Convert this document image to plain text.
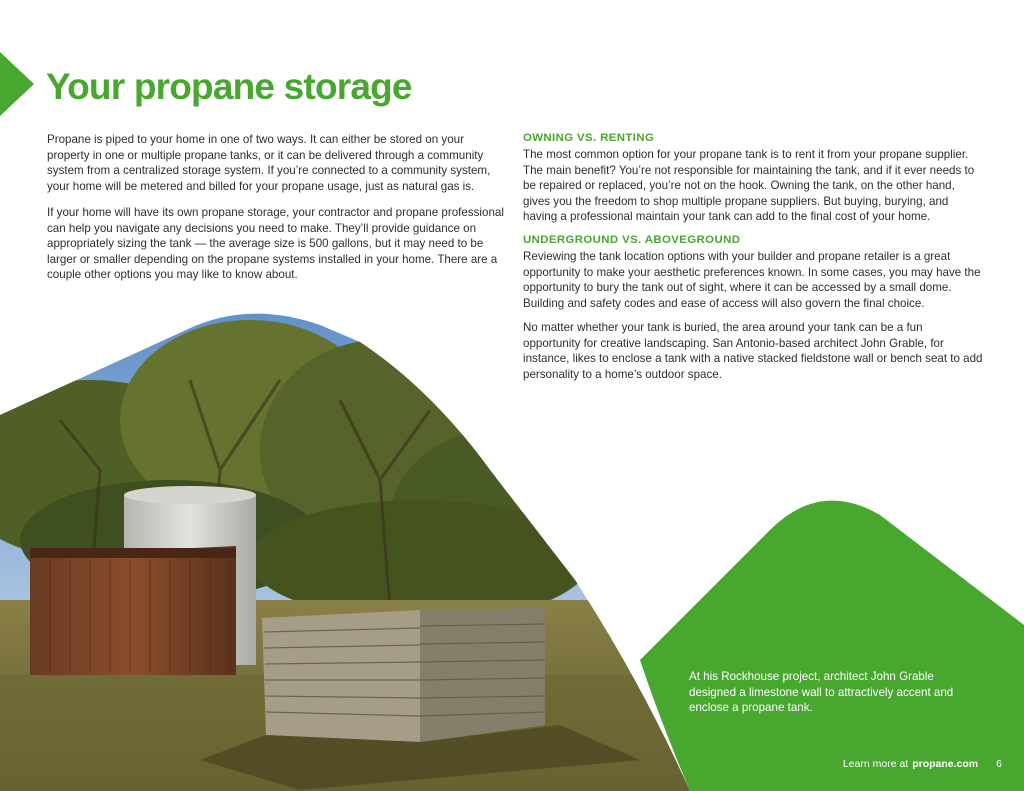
Your propane storage

Propane is piped to your home in one of two ways. It can either be stored on your property in one or multiple propane tanks, or it can be delivered through a community system from a centralized storage system. If you’re connected to a community system, your home will be metered and billed for your propane usage, just as natural gas is.

If your home will have its own propane storage, your contractor and propane professional can help you navigate any decisions you need to make. They’ll provide guidance on appropriately sizing the tank — the average size is 500 gallons, but it may need to be larger or smaller depending on the propane systems installed in your home. There are a couple other options you may like to know about.

OWNING VS. RENTING

The most common option for your propane tank is to rent it from your propane supplier. The main benefit? You’re not responsible for maintaining the tank, and if it ever needs to be repaired or replaced, you’re not on the hook. Owning the tank, on the other hand, gives you the freedom to shop multiple propane suppliers. But buying, burying, and having a professional maintain your tank can add to the final cost of your home.

UNDERGROUND VS. ABOVEGROUND

Reviewing the tank location options with your builder and propane retailer is a great opportunity to make your aesthetic preferences known. In some cases, you may have the opportunity to bury the tank out of sight, where it can be accessed by a small dome. Building and safety codes and ease of access will also govern the final choice.

No matter whether your tank is buried, the area around your tank can be a fun opportunity for creative landscaping. San Antonio-based architect John Grable, for instance, likes to enclose a tank with a native stacked fieldstone wall or bench seat to add personality to a home’s outdoor space.

At his Rockhouse project, architect John Grable designed a limestone wall to attractively accent and enclose a propane tank.

Learn more at propane.com 6
